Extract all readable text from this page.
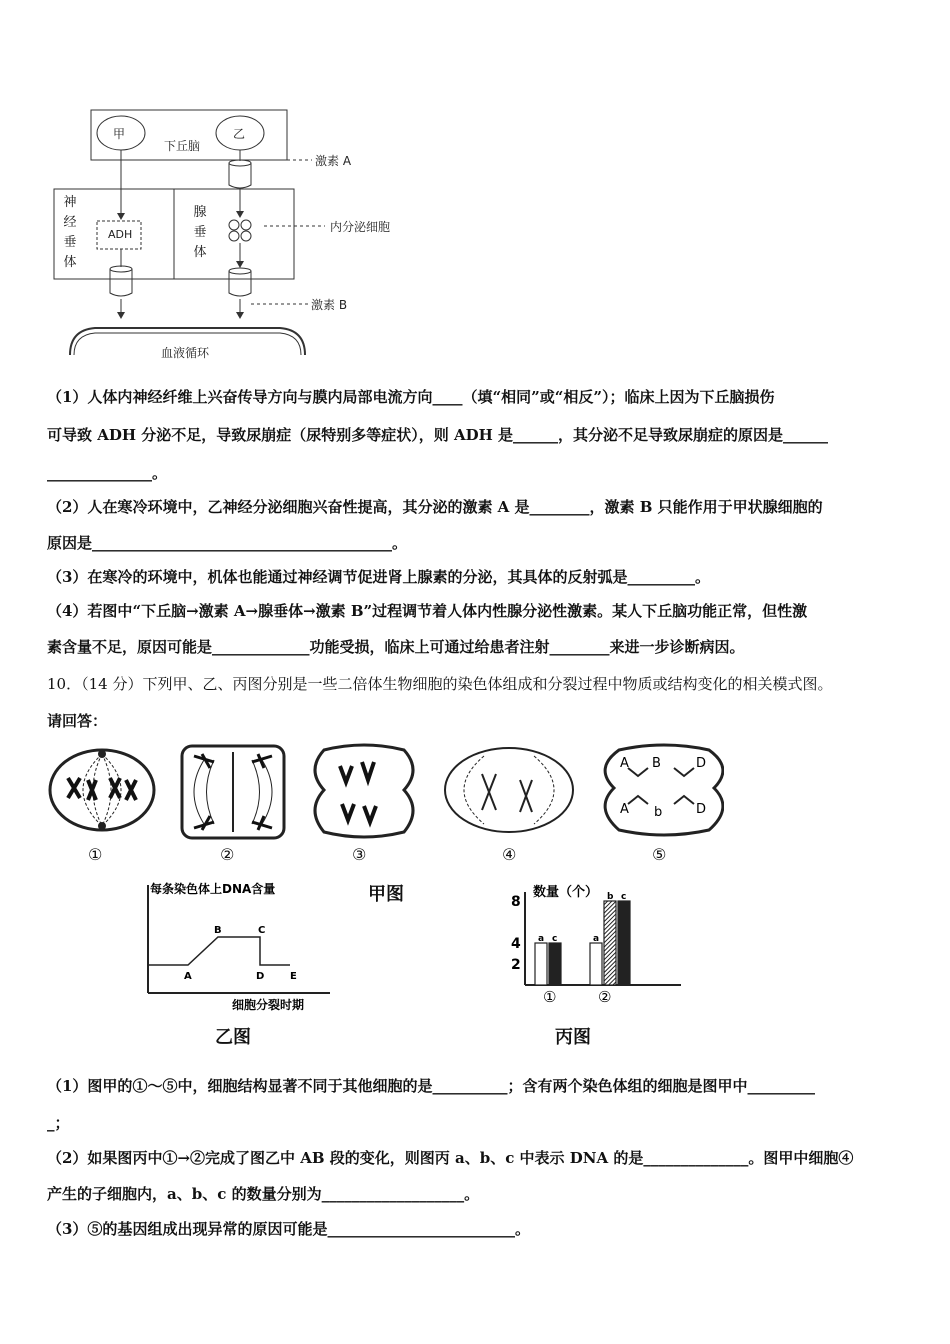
甲	乙
下丘脑
激素 A
神
经
垂
体
ADH
腺
垂
体
内分泌细胞
激素 B
血液循环
（1）人体内神经纤维上兴奋传导方向与膜内局部电流方向____（填“相同”或“相反”）；临床上因为下丘脑损伤
可导致 ADH 分泌不足，导致尿崩症（尿特别多等症状），则 ADH 是______，其分泌不足导致尿崩症的原因是______
______________。
（2）人在寒冷环境中，乙神经分泌细胞兴奋性提高，其分泌的激素 A 是________，激素 B 只能作用于甲状腺细胞的
原因是________________________________________。
（3）在寒冷的环境中，机体也能通过神经调节促进肾上腺素的分泌，其具体的反射弧是_________。
（4）若图中“下丘脑→激素 A→腺垂体→激素 B”过程调节着人体内性腺分泌性激素。某人下丘脑功能正常，但性激
素含量不足，原因可能是_____________功能受损，临床上可通过给患者注射________来进一步诊断病因。
10．（14 分）下列甲、乙、丙图分别是一些二倍体生物细胞的染色体组成和分裂过程中物质或结构变化的相关模式图。
请回答：
A B	D
A b	D
①	②	③	④	⑤
甲图
每条染色体上DNA含量
细胞分裂时期
A
B	C
D	E
乙图
数量（个）
2
4
8
a c
①
a
b c
②
丙图
（1）图甲的①～⑤中，细胞结构显著不同于其他细胞的是__________；含有两个染色体组的细胞是图甲中_________
_；
（2）如果图丙中①→②完成了图乙中 AB 段的变化，则图丙 a、b、c 中表示 DNA 的是______________。图甲中细胞④
产生的子细胞内，a、b、c 的数量分别为___________________。
（3）⑤的基因组成出现异常的原因可能是_________________________。
